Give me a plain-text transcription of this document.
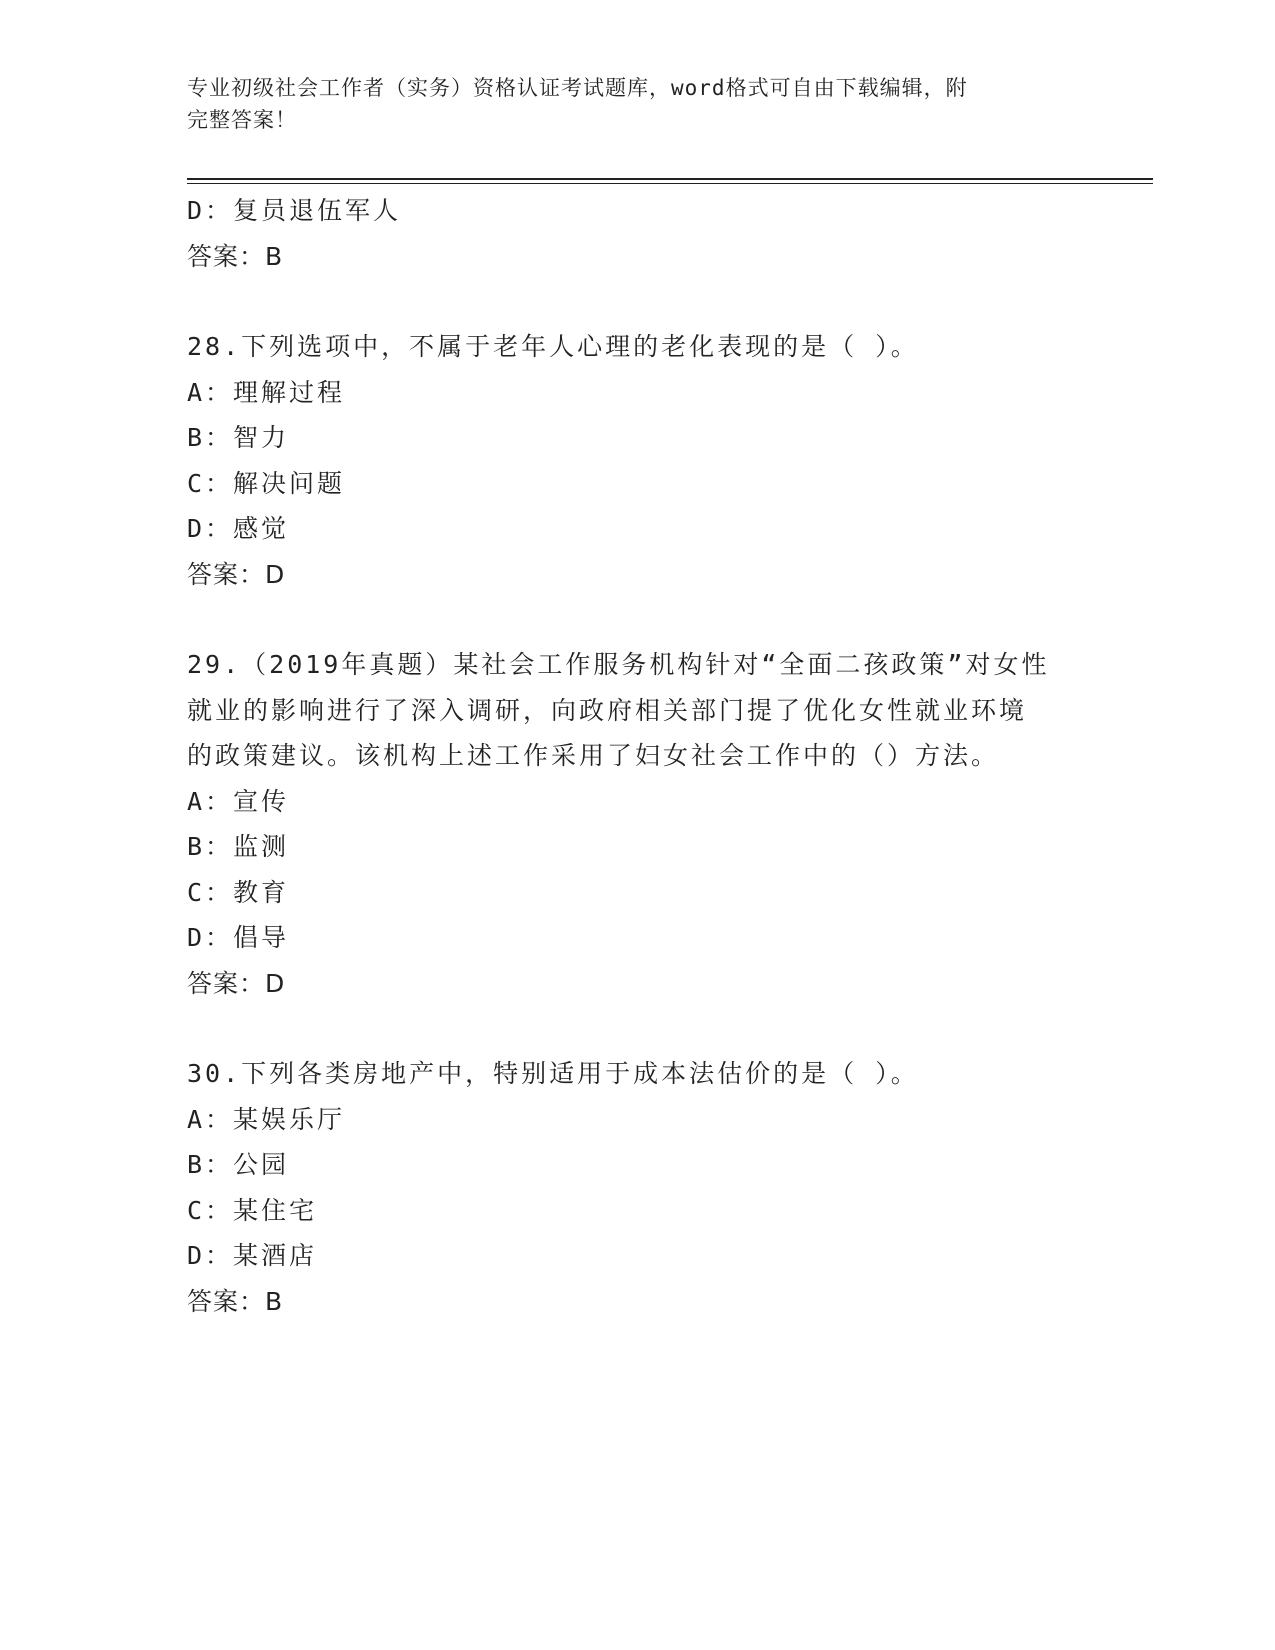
专业初级社会工作者（实务）资格认证考试题库，word格式可自由下载编辑，附
完整答案！
D：复员退伍军人
答案：B
28.下列选项中，不属于老年人心理的老化表现的是（ ）。
A：理解过程
B：智力
C：解决问题
D：感觉
答案：D
29.（2019年真题）某社会工作服务机构针对“全面二孩政策”对女性
就业的影响进行了深入调研，向政府相关部门提了优化女性就业环境
的政策建议。该机构上述工作采用了妇女社会工作中的（）方法。
A：宣传
B：监测
C：教育
D：倡导
答案：D
30.下列各类房地产中，特别适用于成本法估价的是（ ）。
A：某娱乐厅
B：公园
C：某住宅
D：某酒店
答案：B
